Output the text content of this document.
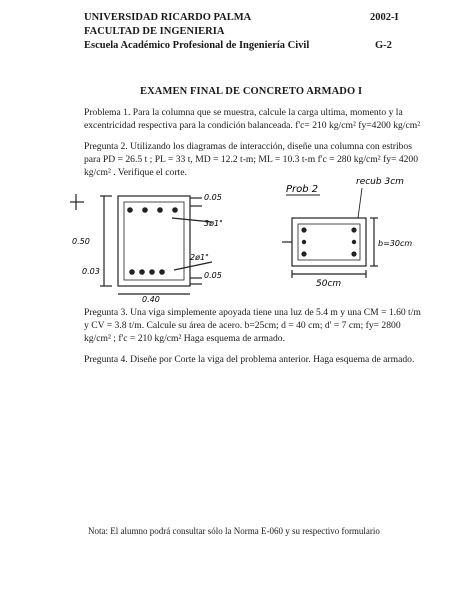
UNIVERSIDAD RICARDO PALMA	2002-I
FACULTAD DE INGENIERIA
Escuela Académico Profesional de Ingeniería Civil	G-2
EXAMEN FINAL DE CONCRETO ARMADO I
Problema 1. Para la columna que se muestra, calcule la carga ultima, momento y la
excentricidad respectiva para la condición balanceada. f'c= 210 kg/cm² fy=4200 kg/cm²
Pregunta 2. Utilizando los diagramas de interacción, diseñe una columna con estribos
para PD = 26.5 t ; PL = 33 t, MD = 12.2 t-m; ML = 10.3 t-m f'c = 280 kg/cm² fy= 4200
kg/cm² . Verifique el corte.
0.05
3ø1"
0.50
2ø1"
0.03	0.05
0.40
Prob 2
recub 3cm
b=30cm
50cm
Pregunta 3. Una viga simplemente apoyada tiene una luz de 5.4 m y una CM = 1.60 t/m
y CV = 3.8 t/m. Calcule su área de acero. b=25cm; d = 40 cm; d' = 7 cm; fy= 2800
kg/cm² ; f'c = 210 kg/cm² Haga esquema de armado.
Pregunta 4. Diseñe por Corte la viga del problema anterior. Haga esquema de armado.
Nota: El alumno podrá consultar sólo la Norma E-060 y su respectivo formulario
